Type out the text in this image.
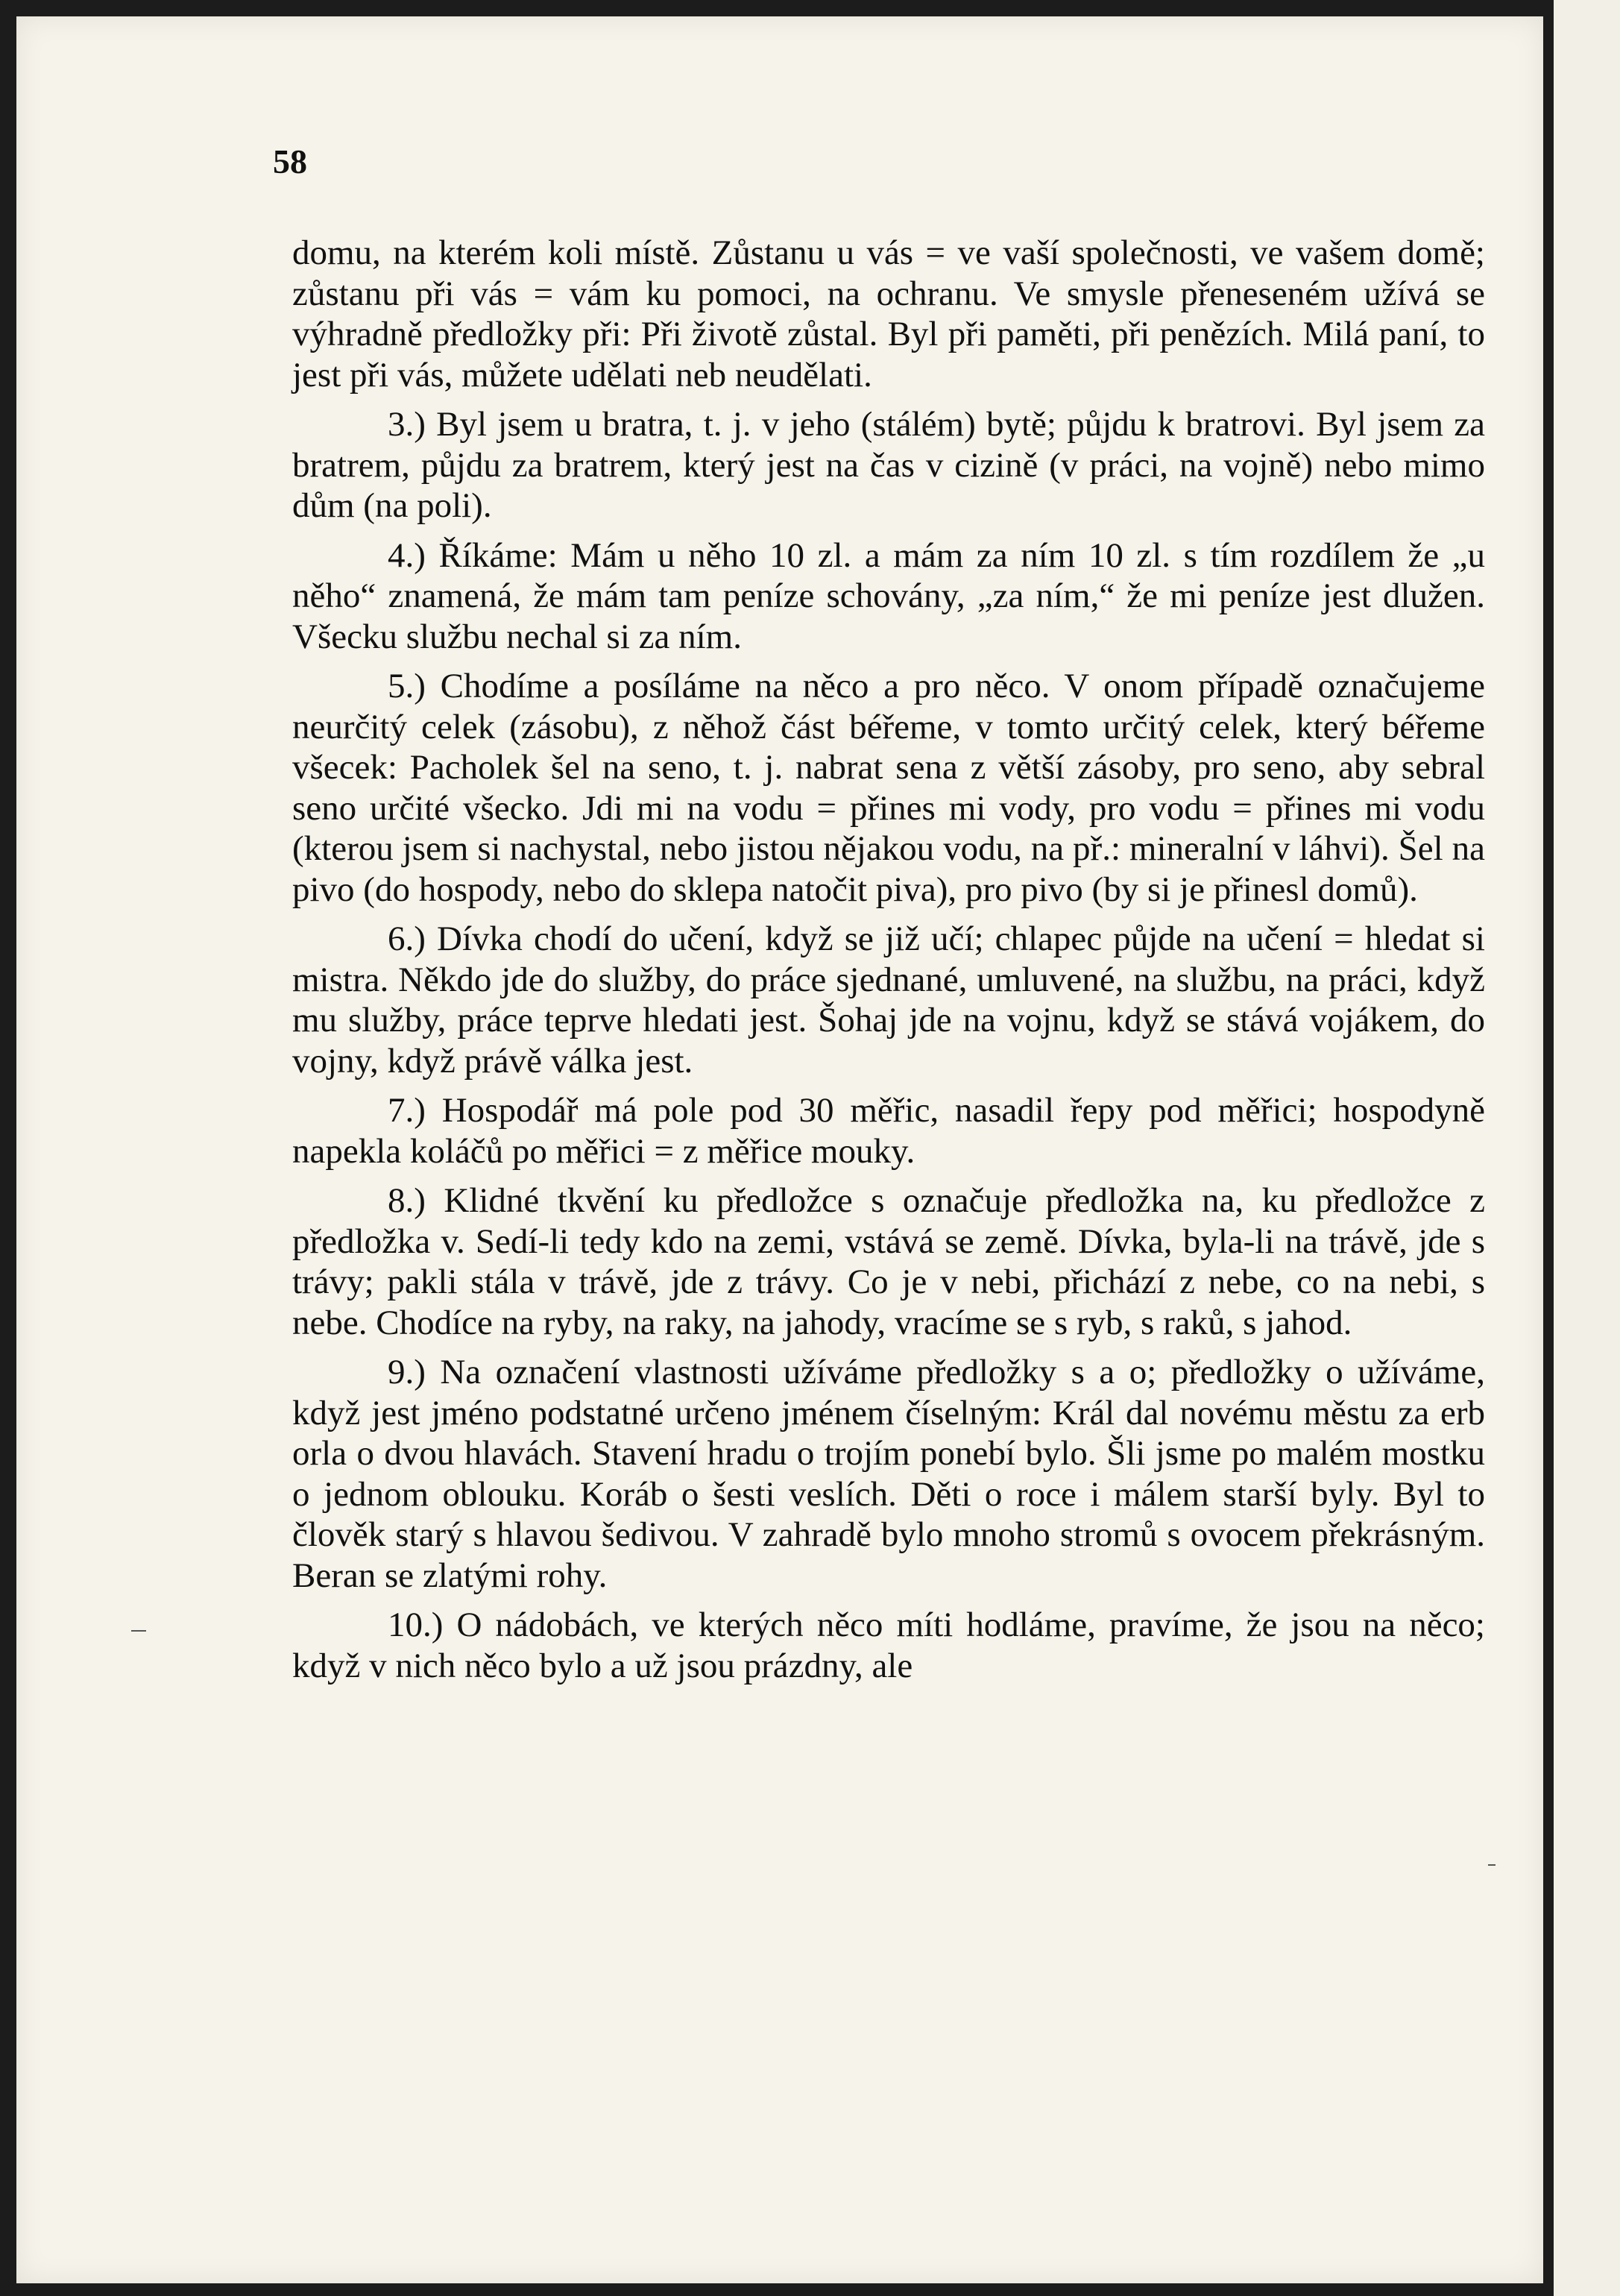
58

domu, na kterém koli místě. Zůstanu u vás = ve vaší společnosti, ve vašem domě; zůstanu při vás = vám ku pomoci, na ochranu. Ve smysle přeneseném užívá se výhradně předložky při: Při životě zůstal. Byl při paměti, při penězích. Milá paní, to jest při vás, můžete udělati neb neudělati.

3.) Byl jsem u bratra, t. j. v jeho (stálém) bytě; půjdu k bratrovi. Byl jsem za bratrem, půjdu za bratrem, který jest na čas v cizině (v práci, na vojně) nebo mimo dům (na poli).

4.) Říkáme: Mám u něho 10 zl. a mám za ním 10 zl. s tím rozdílem že „u něho“ znamená, že mám tam peníze schovány, „za ním,“ že mi peníze jest dlužen. Všecku službu nechal si za ním.

5.) Chodíme a posíláme na něco a pro něco. V onom případě označujeme neurčitý celek (zásobu), z něhož část béřeme, v tomto určitý celek, který béřeme všecek: Pacholek šel na seno, t. j. nabrat sena z větší zásoby, pro seno, aby sebral seno určité všecko. Jdi mi na vodu = přines mi vody, pro vodu = přines mi vodu (kterou jsem si nachystal, nebo jistou nějakou vodu, na př.: mineralní v láhvi). Šel na pivo (do hospody, nebo do sklepa natočit piva), pro pivo (by si je přinesl domů).

6.) Dívka chodí do učení, když se již učí; chlapec půjde na učení = hledat si mistra. Někdo jde do služby, do práce sjednané, umluvené, na službu, na práci, když mu služby, práce teprve hledati jest. Šohaj jde na vojnu, když se stává vojákem, do vojny, když právě válka jest.

7.) Hospodář má pole pod 30 měřic, nasadil řepy pod měřici; hospodyně napekla koláčů po měřici = z měřice mouky.

8.) Klidné tkvění ku předložce s označuje předložka na, ku předložce z předložka v. Sedí-li tedy kdo na zemi, vstává se země. Dívka, byla-li na trávě, jde s trávy; pakli stála v trávě, jde z trávy. Co je v nebi, přichází z nebe, co na nebi, s nebe. Chodíce na ryby, na raky, na jahody, vracíme se s ryb, s raků, s jahod.

9.) Na označení vlastnosti užíváme předložky s a o; předložky o užíváme, když jest jméno podstatné určeno jménem číselným: Král dal novému městu za erb orla o dvou hlavách. Stavení hradu o trojím ponebí bylo. Šli jsme po malém mostku o jednom oblouku. Koráb o šesti veslích. Děti o roce i málem starší byly. Byl to člověk starý s hlavou šedivou. V zahradě bylo mnoho stromů s ovocem překrásným. Beran se zlatými rohy.

10.) O nádobách, ve kterých něco míti hodláme, pravíme, že jsou na něco; když v nich něco bylo a už jsou prázdny, ale
